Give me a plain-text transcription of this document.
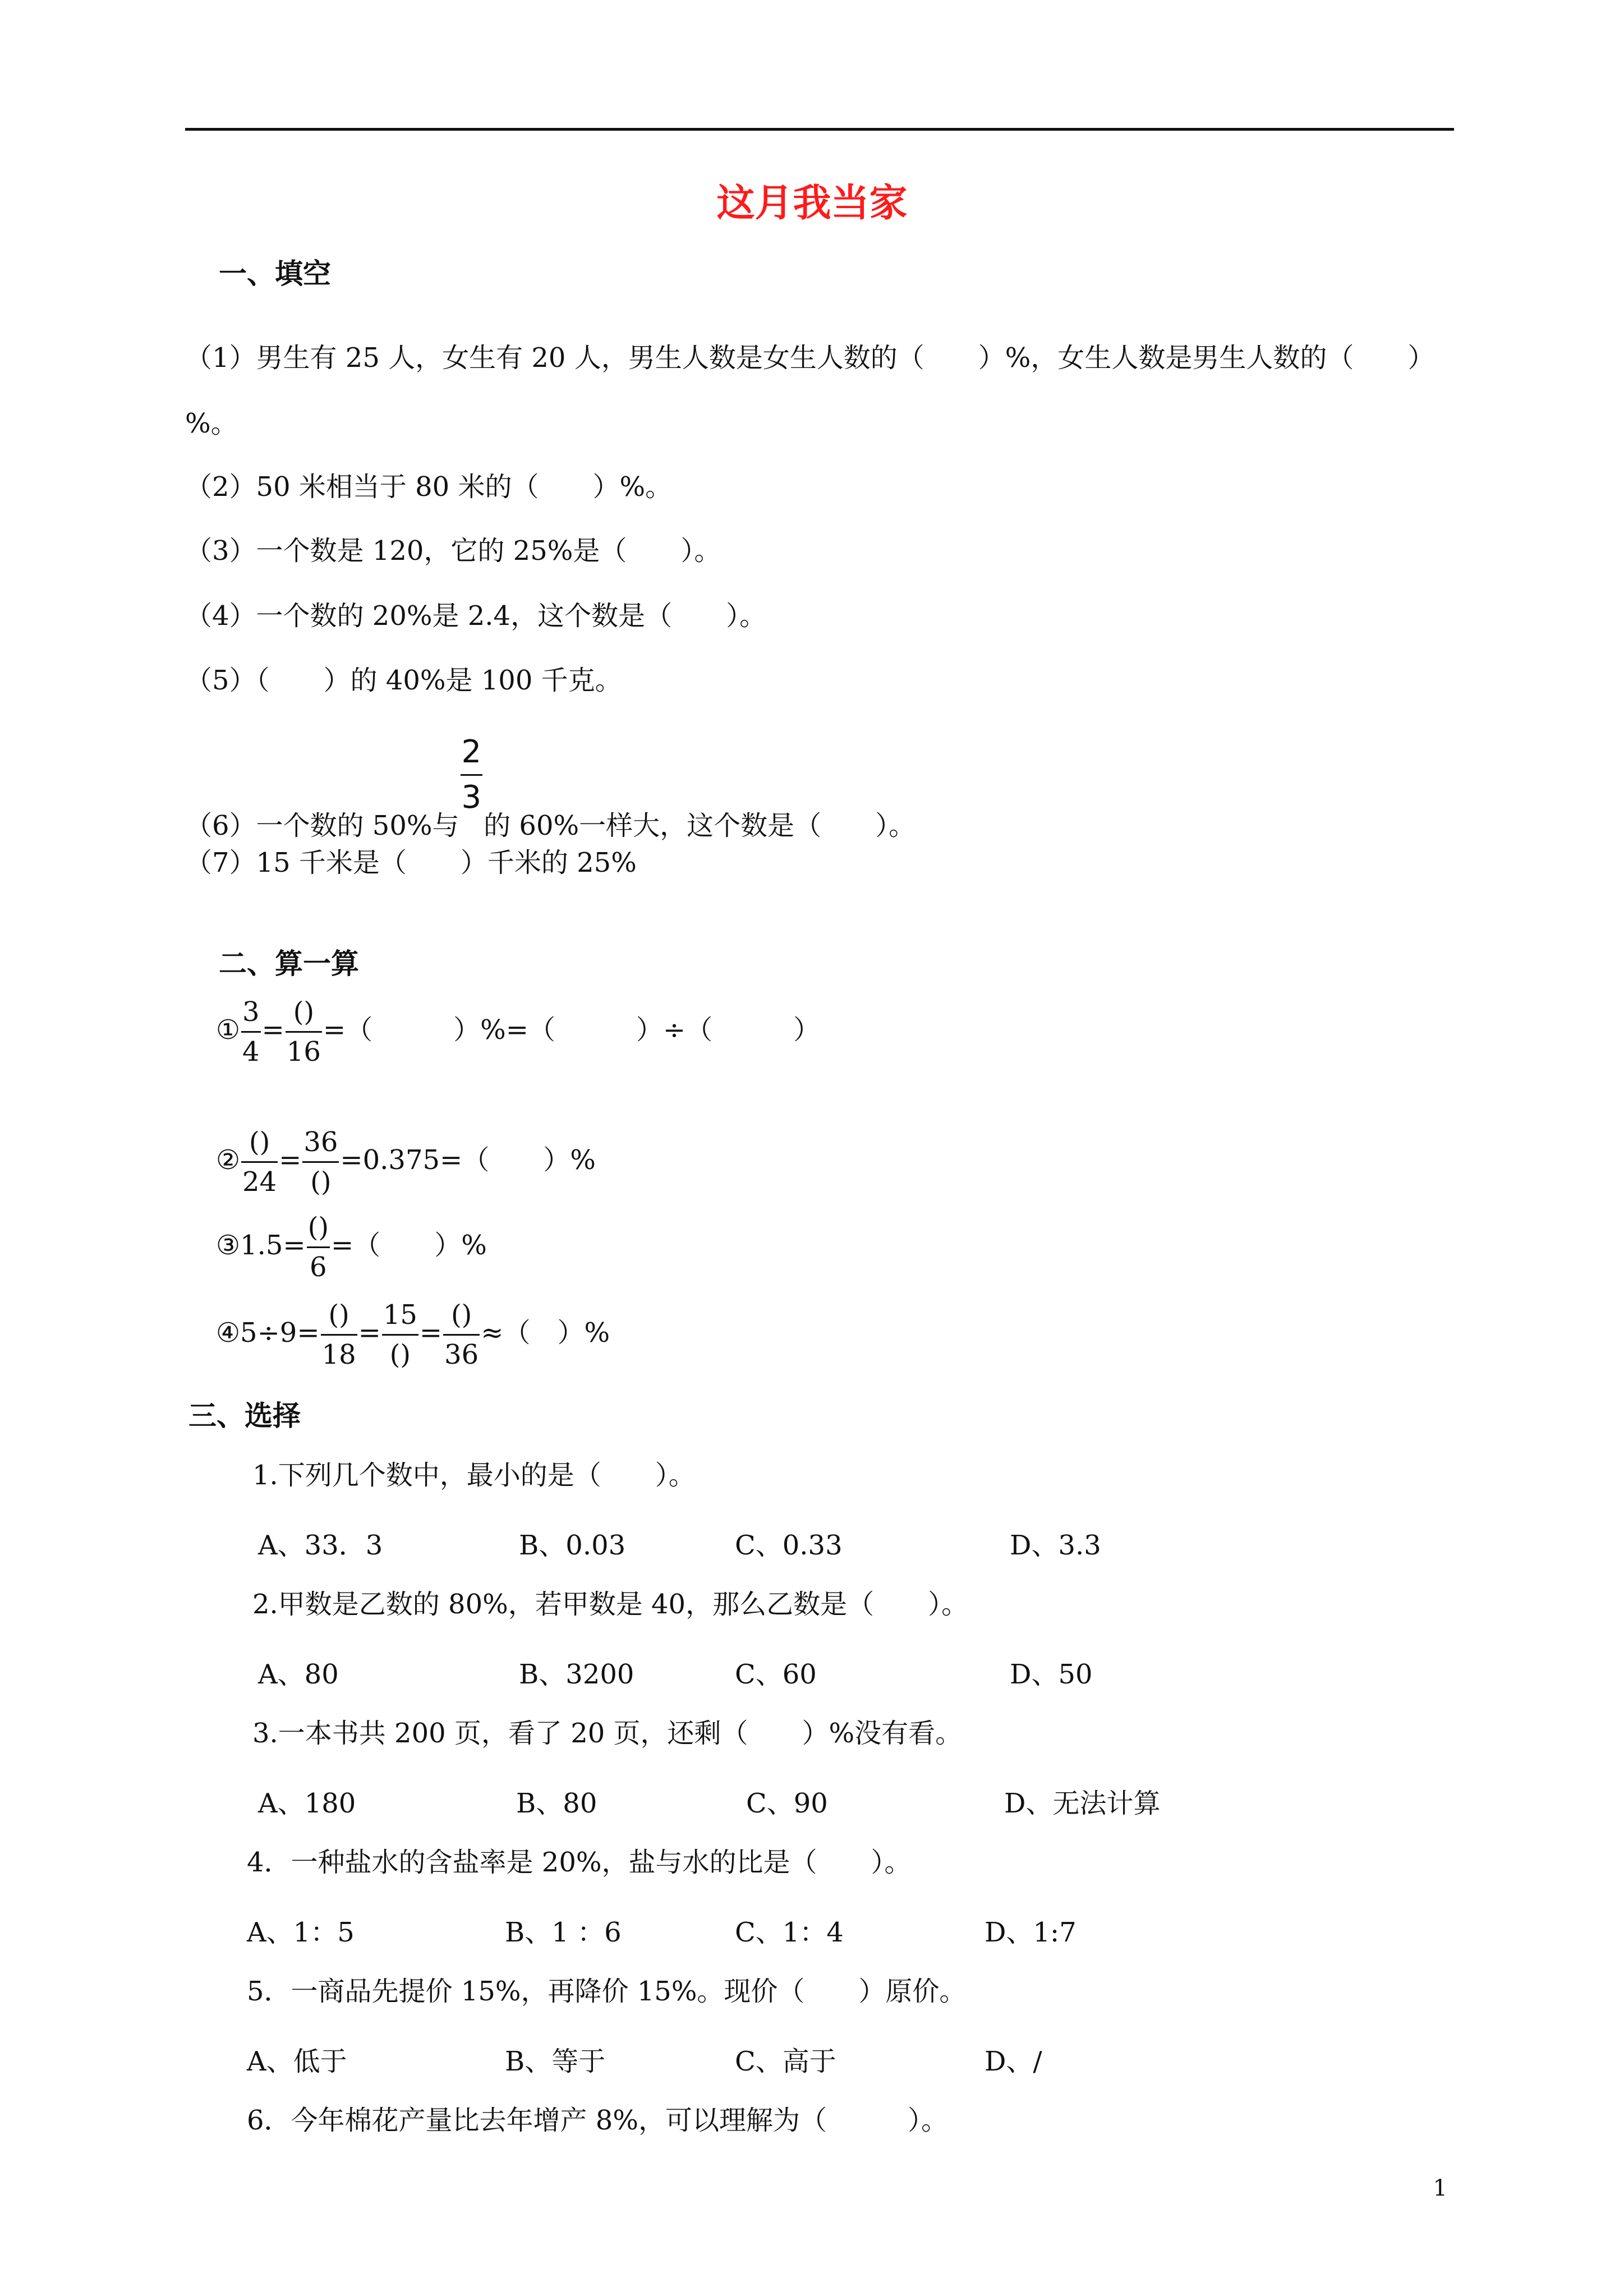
这月我当家
一、填空
（1）男生有 25 人，女生有 20 人，男生人数是女生人数的（　　）%，女生人数是男生人数的（　　）
%。
（2）50 米相当于 80 米的（　　）%。
（3）一个数是 120，它的 25%是（　　）。
（4）一个数的 20%是 2.4，这个数是（　　）。
（5）（　　）的 40%是 100 千克。
（6）一个数的 50%与
$\frac{2}{3}$
的 60%一样大，这个数是（　　）。
（7）15 千米是（　　）千米的 25%
二、算一算
① $\frac{3}{4} = \frac{()}{16}$ =（　　　）%=（　　　）÷（　　　）
② $\frac{()}{24} = \frac{36}{()} =0.375=$（　　）%
③1.5= $\frac{()}{6}$ =（　　）%
④5÷9= $\frac{()}{18} = \frac{15}{()} = \frac{()}{36}$ ≈（　）%
三、选择
1.下列几个数中，最小的是（　　）。
A、33．3	B、0.03	C、0.33	D、3.3
2.甲数是乙数的 80%，若甲数是 40，那么乙数是（　　）。
A、80	B、3200	C、60	D、50
3.一本书共 200 页，看了 20 页，还剩（　　）%没有看。
A、180	B、80	C、90	D、无法计算
4．一种盐水的含盐率是 20%，盐与水的比是（　　）。
A、1：5	B、1 ：6	C、1：4	D、1:7
5．一商品先提价 15%，再降价 15%。现价（　　）原价。
A、低于	B、等于	C、高于	D、/
6．今年棉花产量比去年增产 8%，可以理解为（　　　）。
1
